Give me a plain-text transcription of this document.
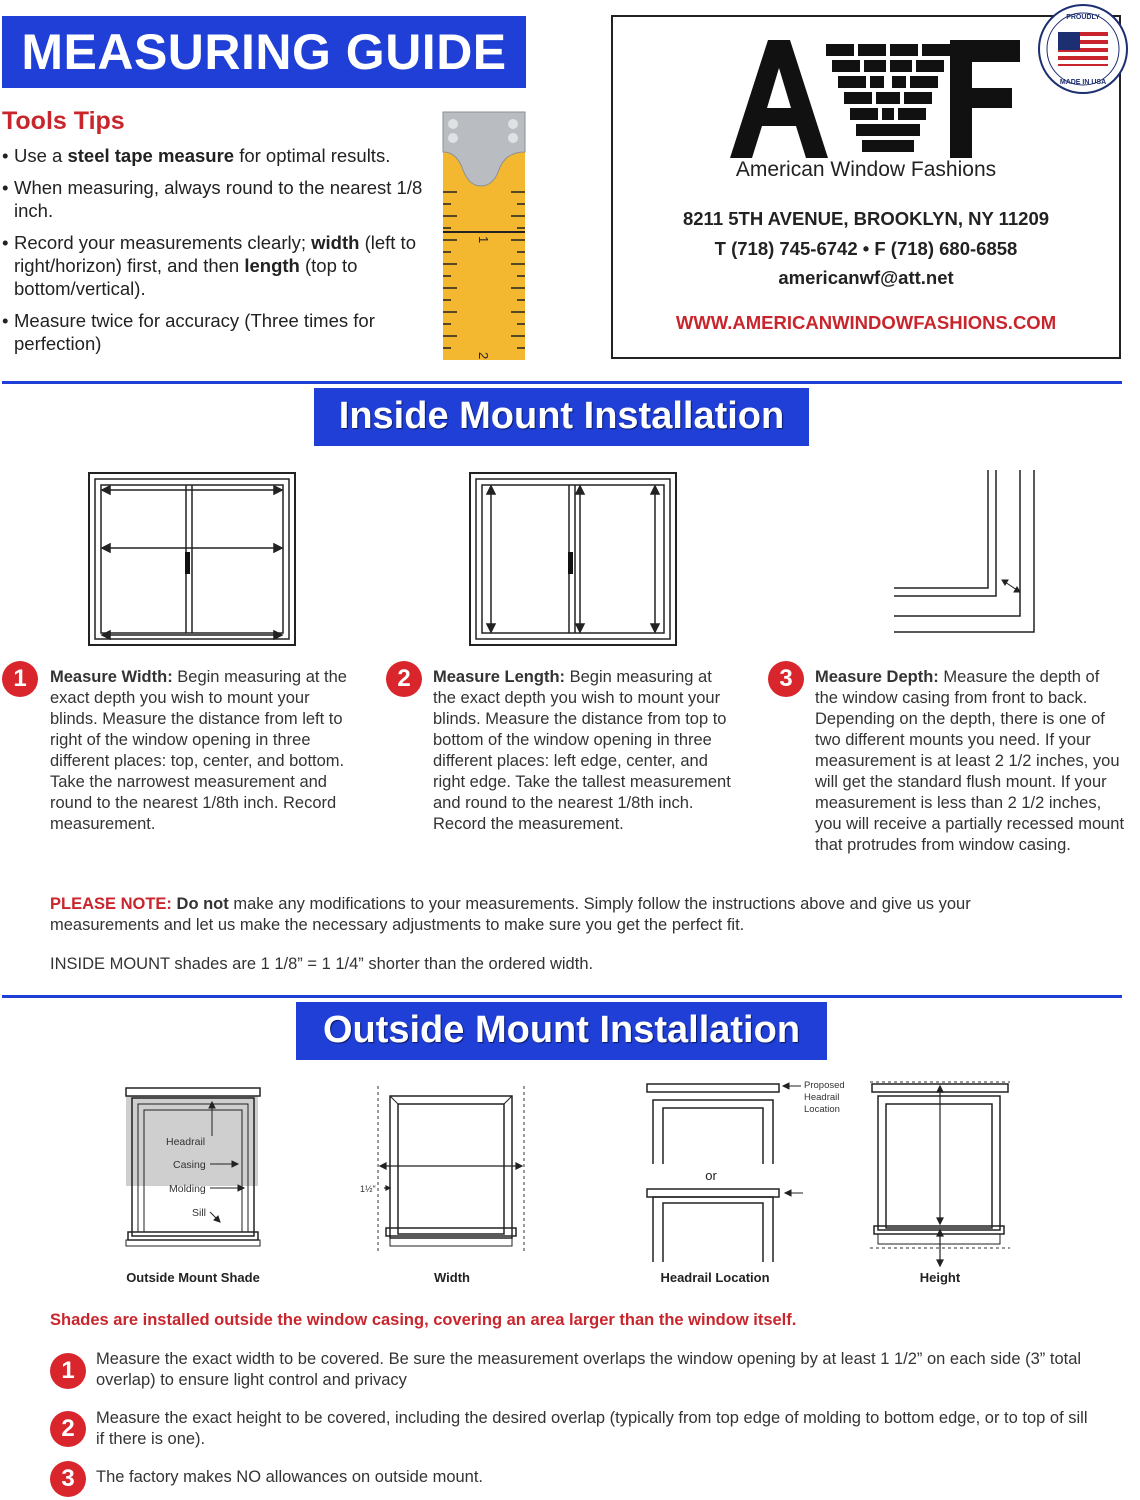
MEASURING GUIDE
Tools Tips
• Use a steel tape measure for optimal results.
• When measuring, always round to the nearest 1/8 inch.
• Record your measurements clearly; width (left to right/horizon) first, and then length (top to bottom/vertical).
• Measure twice for accuracy (Three times for perfection)
1
2
American Window Fashions
8211 5TH AVENUE, BROOKLYN, NY 11209
T (718) 745-6742 • F (718) 680-6858
americanwf@att.net
WWW.AMERICANWINDOWFASHIONS.COM
PROUDLY
MADE IN USA
Inside Mount Installation
1	Measure Width: Begin measuring at the exact depth you wish to mount your blinds. Measure the distance from left to right of the window opening in three different places: top, center, and bottom. Take the narrowest measurement and round to the nearest 1/8th inch. Record measurement.
2	Measure Length: Begin measuring at the exact depth you wish to mount your blinds. Measure the distance from top to bottom of the window opening in three different places: left edge, center, and right edge. Take the tallest measurement and round to the nearest 1/8th inch. Record the measurement.
3	Measure Depth: Measure the depth of the window casing from front to back. Depending on the depth, there is one of two different mounts you need. If your measurement is at least 2 1/2 inches, you will get the standard flush mount. If your measurement is less than 2 1/2 inches, you will receive a partially recessed mount that protrudes from window casing.
PLEASE NOTE: Do not make any modifications to your measurements. Simply follow the instructions above and give us your measurements and let us make the necessary adjustments to make sure you get the perfect fit.
INSIDE MOUNT shades are 1 1/8” = 1 1/4” shorter than the ordered width.
Outside Mount Installation
Headrail
Casing
Molding
Sill
Outside Mount Shade
1½"
Width
or
Proposed Headrail Location
Headrail Location	Height
Shades are installed outside the window casing, covering an area larger than the window itself.
1	Measure the exact width to be covered. Be sure the measurement overlaps the window opening by at least 1 1/2” on each side (3” total overlap) to ensure light control and privacy
2	Measure the exact height to be covered, including the desired overlap (typically from top edge of molding to bottom edge, or to top of sill if there is one).
3	The factory makes NO allowances on outside mount.
